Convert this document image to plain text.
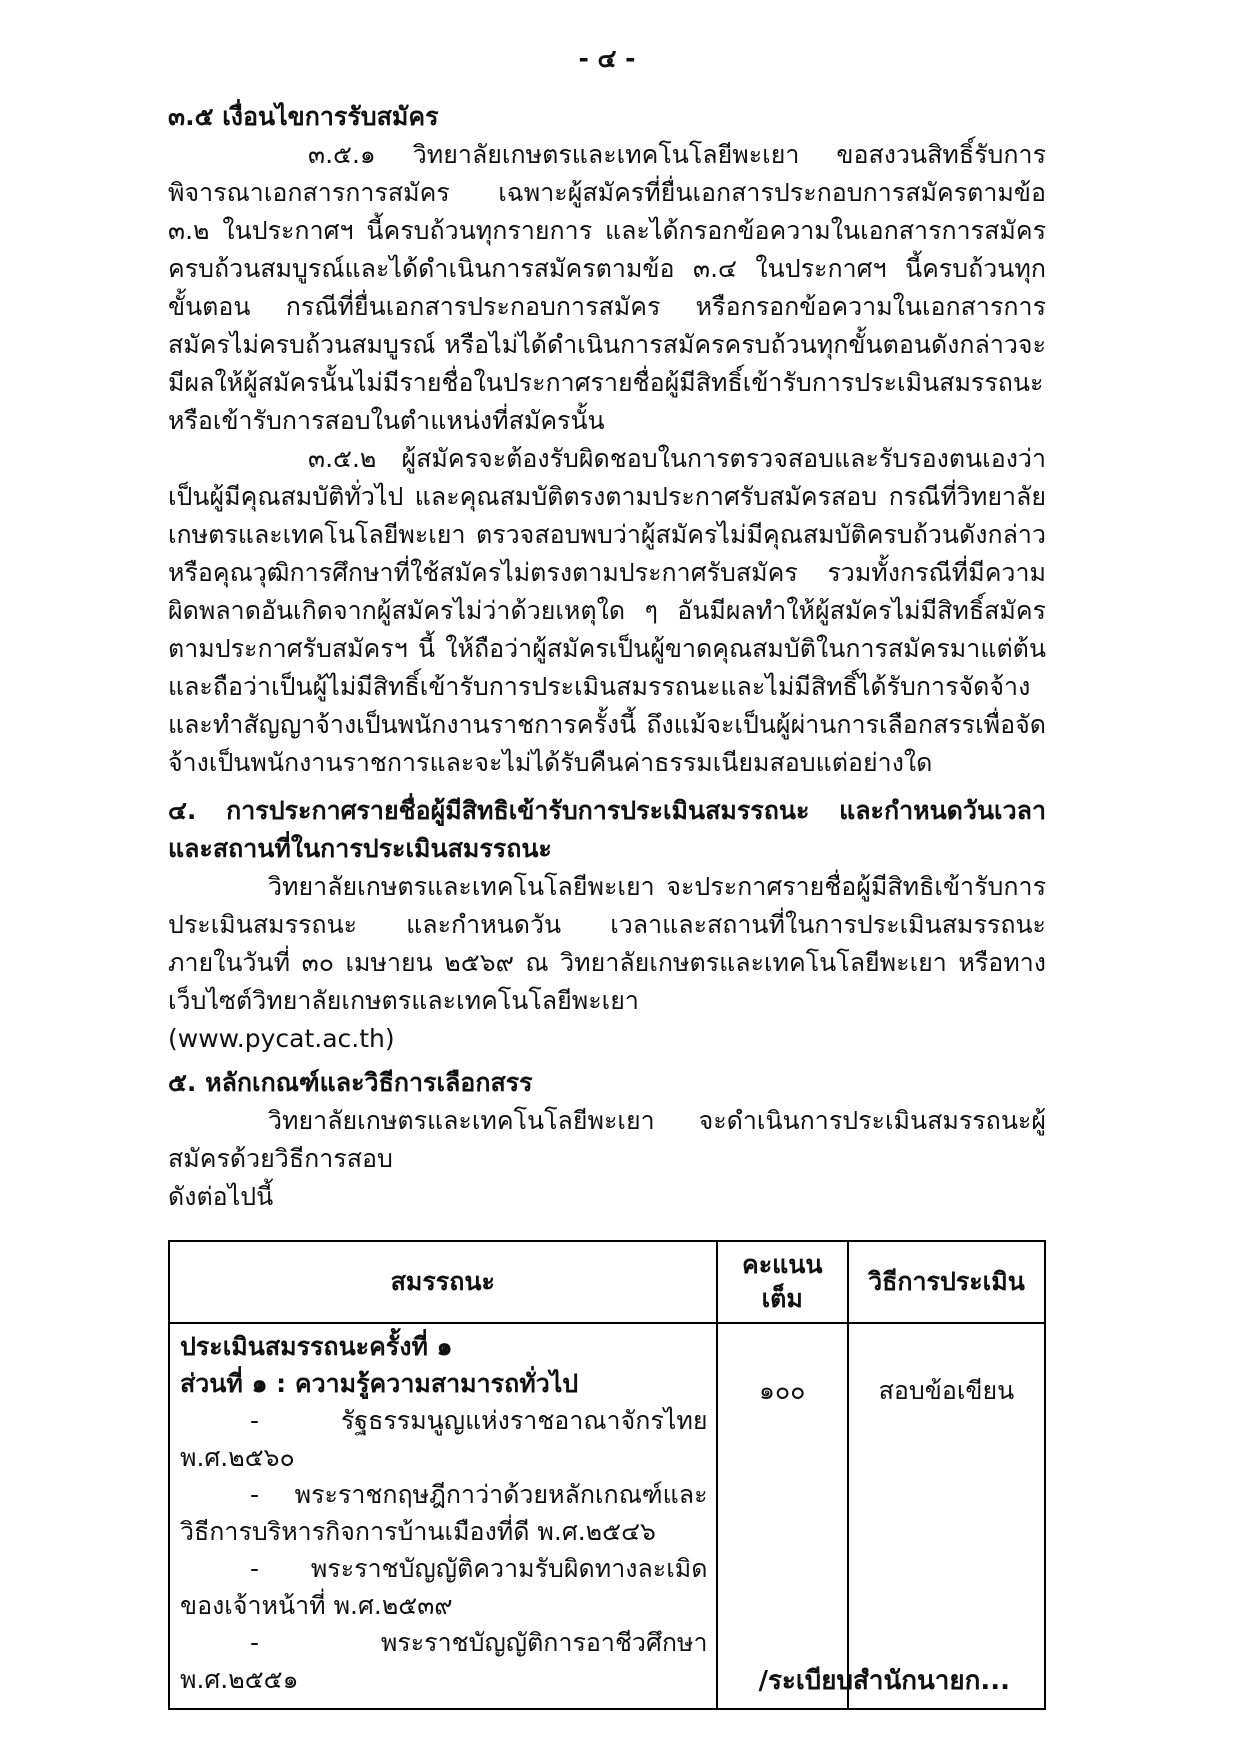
- ๔ -
๓.๕ เงื่อนไขการรับสมัคร

๓.๕.๑ วิทยาลัยเกษตรและเทคโนโลยีพะเยา ขอสงวนสิทธิ์รับการพิจารณาเอกสารการสมัคร เฉพาะผู้สมัครที่ยื่นเอกสารประกอบการสมัครตามข้อ ๓.๒ ในประกาศฯ นี้ครบถ้วนทุกรายการ และได้กรอกข้อความในเอกสารการสมัครครบถ้วนสมบูรณ์และได้ดำเนินการสมัครตามข้อ ๓.๔ ในประกาศฯ นี้ครบถ้วนทุกขั้นตอน กรณีที่ยื่นเอกสารประกอบการสมัคร หรือกรอกข้อความในเอกสารการสมัครไม่ครบถ้วนสมบูรณ์ หรือไม่ได้ดำเนินการสมัครครบถ้วนทุกขั้นตอนดังกล่าวจะมีผลให้ผู้สมัครนั้นไม่มีรายชื่อในประกาศรายชื่อผู้มีสิทธิ์เข้ารับการประเมินสมรรถนะหรือเข้ารับการสอบในตำแหน่งที่สมัครนั้น

๓.๕.๒ ผู้สมัครจะต้องรับผิดชอบในการตรวจสอบและรับรองตนเองว่าเป็นผู้มีคุณสมบัติทั่วไป และคุณสมบัติตรงตามประกาศรับสมัครสอบ กรณีที่วิทยาลัยเกษตรและเทคโนโลยีพะเยา ตรวจสอบพบว่าผู้สมัครไม่มีคุณสมบัติครบถ้วนดังกล่าว หรือคุณวุฒิการศึกษาที่ใช้สมัครไม่ตรงตามประกาศรับสมัคร รวมทั้งกรณีที่มีความผิดพลาดอันเกิดจากผู้สมัครไม่ว่าด้วยเหตุใด ๆ อันมีผลทำให้ผู้สมัครไม่มีสิทธิ์สมัครตามประกาศรับสมัครฯ นี้ ให้ถือว่าผู้สมัครเป็นผู้ขาดคุณสมบัติในการสมัครมาแต่ต้น และถือว่าเป็นผู้ไม่มีสิทธิ์เข้ารับการประเมินสมรรถนะและไม่มีสิทธิ์ได้รับการจัดจ้างและทำสัญญาจ้างเป็นพนักงานราชการครั้งนี้ ถึงแม้จะเป็นผู้ผ่านการเลือกสรรเพื่อจัดจ้างเป็นพนักงานราชการและจะไม่ได้รับคืนค่าธรรมเนียมสอบแต่อย่างใด

๔. การประกาศรายชื่อผู้มีสิทธิเข้ารับการประเมินสมรรถนะ และกำหนดวันเวลา และสถานที่ในการประเมินสมรรถนะ

วิทยาลัยเกษตรและเทคโนโลยีพะเยา จะประกาศรายชื่อผู้มีสิทธิเข้ารับการประเมินสมรรถนะ และกำหนดวัน เวลาและสถานที่ในการประเมินสมรรถนะ ภายในวันที่ ๓๐ เมษายน ๒๕๖๙ ณ วิทยาลัยเกษตรและเทคโนโลยีพะเยา หรือทางเว็บไซต์วิทยาลัยเกษตรและเทคโนโลยีพะเยา

(www.pycat.ac.th)
๕. หลักเกณฑ์และวิธีการเลือกสรร

วิทยาลัยเกษตรและเทคโนโลยีพะเยา จะดำเนินการประเมินสมรรถนะผู้สมัครด้วยวิธีการสอบ

ดังต่อไปนี้
สมรรถนะ	คะแนนเต็ม	วิธีการประเมิน

ประเมินสมรรถนะครั้งที่ ๑
ส่วนที่ ๑ : ความรู้ความสามารถทั่วไป
- รัฐธรรมนูญแห่งราชอาณาจักรไทย พ.ศ.๒๕๖๐
- พระราชกฤษฎีกาว่าด้วยหลักเกณฑ์และวิธีการบริหารกิจการบ้านเมืองที่ดี พ.ศ.๒๕๔๖
- พระราชบัญญัติความรับผิดทางละเมิดของเจ้าหน้าที่ พ.ศ.๒๕๓๙
- พระราชบัญญัติการอาชีวศึกษา พ.ศ.๒๕๕๑
	๑๐๐	สอบข้อเขียน
/ระเบียบสำนักนายก...
